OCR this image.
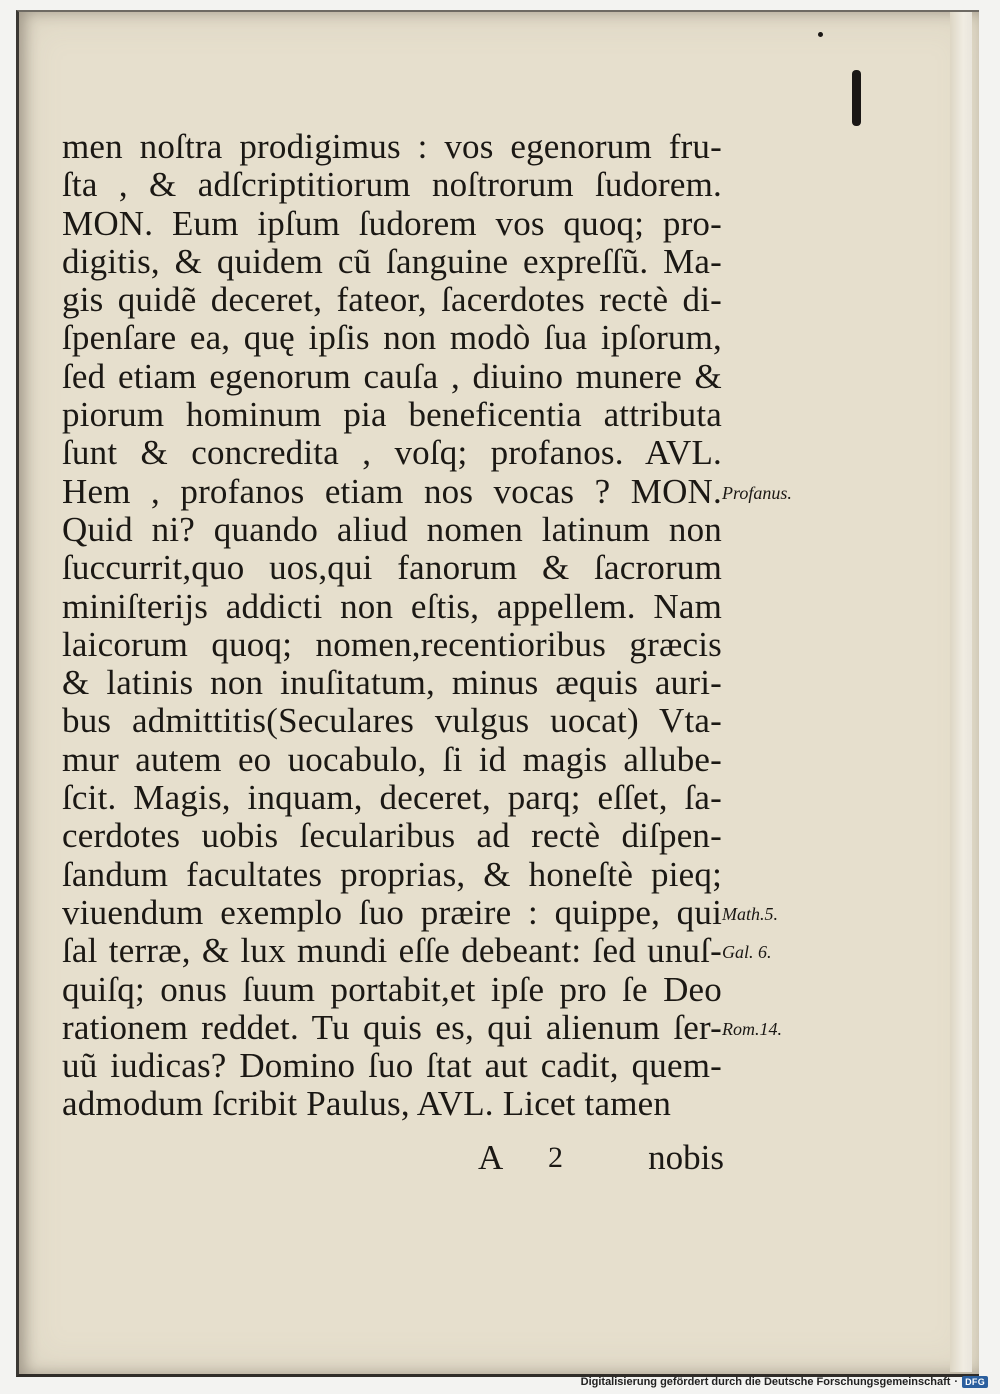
men noſtra prodigimus : vos egenorum fru-
ſta , & adſcriptitiorum noſtrorum ſudorem.
MON. Eum ipſum ſudorem vos quoq; pro-
digitis, & quidem cũ ſanguine expreſſũ. Ma-
gis quidẽ deceret, fateor, ſacerdotes rectè di-
ſpenſare ea, quę ipſis non modò ſua ipſorum,
ſed etiam egenorum cauſa , diuino munere &
piorum hominum pia beneficentia attributa
ſunt & concredita , voſq; profanos. AVL.
Hem , profanos etiam nos vocas ? MON.
Quid ni? quando aliud nomen latinum non
ſuccurrit,quo uos,qui fanorum & ſacrorum
miniſterijs addicti non eſtis, appellem. Nam
laicorum quoq; nomen,recentioribus græcis
& latinis non inuſitatum, minus æquis auri-
bus admittitis(Seculares vulgus uocat) Vta-
mur autem eo uocabulo, ſi id magis allube-
ſcit. Magis, inquam, deceret, parq; eſſet, ſa-
cerdotes uobis ſecularibus ad rectè diſpen-
ſandum facultates proprias, & honeſtè pieq;
viuendum exemplo ſuo præire : quippe, qui
ſal terræ, & lux mundi eſſe debeant: ſed unuſ-
quiſq; onus ſuum portabit,et ipſe pro ſe Deo
rationem reddet. Tu quis es, qui alienum ſer-
uũ iudicas? Domino ſuo ſtat aut cadit, quem-
admodum ſcribit Paulus, AVL. Licet tamen
Profanus.
Math.5.
Gal. 6.
Rom.14.
A 2 nobis
Digitalisierung gefördert durch die Deutsche Forschungsgemeinschaft · DFG
